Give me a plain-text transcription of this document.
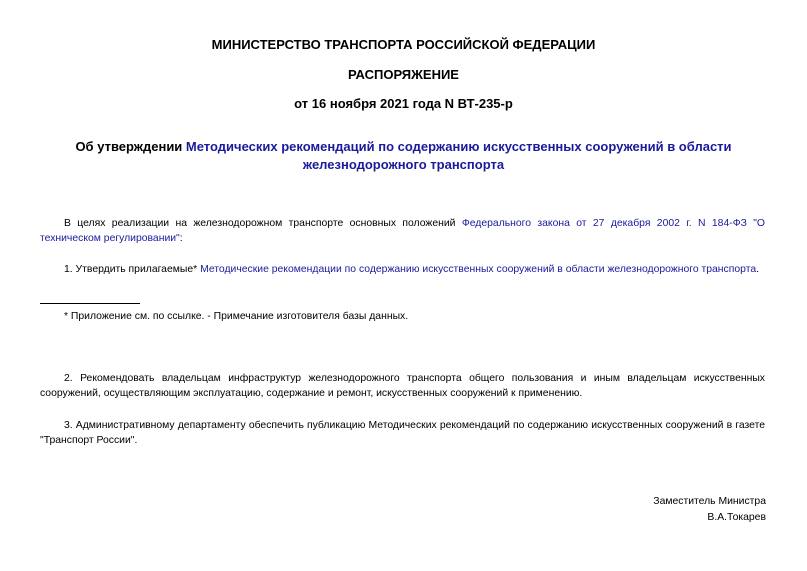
МИНИСТЕРСТВО ТРАНСПОРТА РОССИЙСКОЙ ФЕДЕРАЦИИ
РАСПОРЯЖЕНИЕ
от 16 ноября 2021 года N ВТ-235-р
Об утверждении Методических рекомендаций по содержанию искусственных сооружений в области железнодорожного транспорта
В целях реализации на железнодорожном транспорте основных положений Федерального закона от 27 декабря 2002 г. N 184-ФЗ "О техническом регулировании":
1. Утвердить прилагаемые* Методические рекомендации по содержанию искусственных сооружений в области железнодорожного транспорта.
* Приложение см. по ссылке. - Примечание изготовителя базы данных.
2. Рекомендовать владельцам инфраструктур железнодорожного транспорта общего пользования и иным владельцам искусственных сооружений, осуществляющим эксплуатацию, содержание и ремонт, искусственных сооружений к применению.
3. Административному департаменту обеспечить публикацию Методических рекомендаций по содержанию искусственных сооружений в газете "Транспорт России".
Заместитель Министра
В.А.Токарев
